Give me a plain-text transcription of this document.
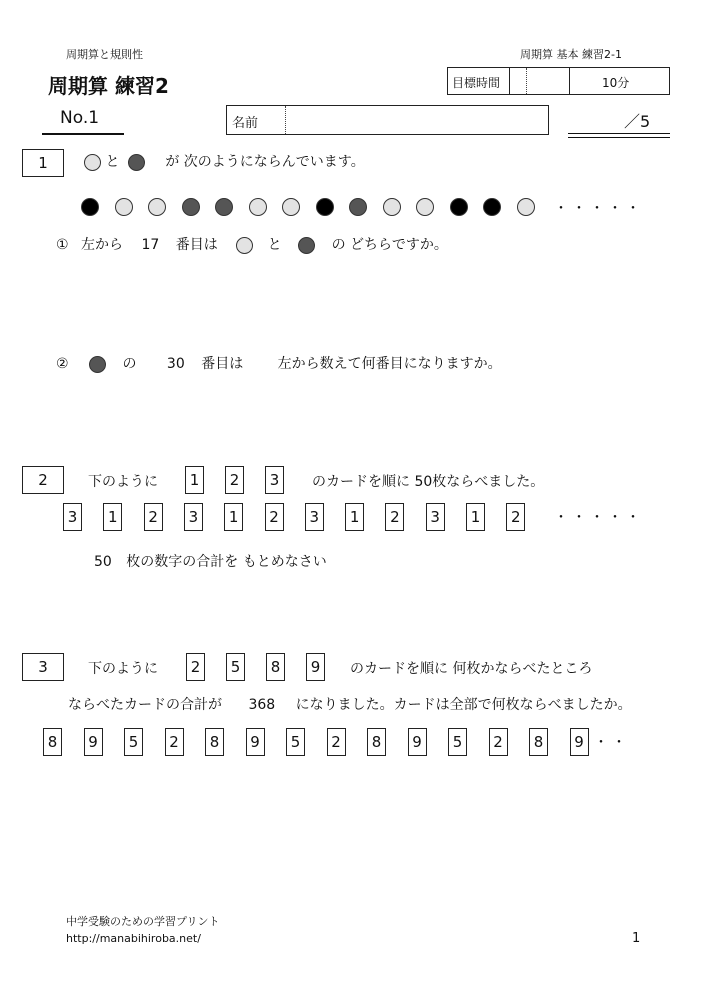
周期算と規則性
周期算 練習2
周期算 基本 練習2-1
目標時間	10分
No.1	名前	／5
1	と	が 次のようにならんでいます。
・・・・・
① 左から 17 番目は	と	の どちらですか。
②	の 30 番目は 左から数えて何番目になりますか。
2	下のように	1	2	3	のカードを順に 50枚ならべました。
3	1	2	3	1	2	3	1	2	3	1	2	・・・・・
50 枚の数字の合計を もとめなさい
3	下のように	2	5	8	9	のカードを順に 何枚かならべたところ
ならべたカードの合計が 368 になりました。カードは全部で何枚ならべましたか。
8	9	5	2	8	9	5	2	8	9	5	2	8	9 ・・
中学受験のための学習プリント
http://manabihiroba.net/	1
